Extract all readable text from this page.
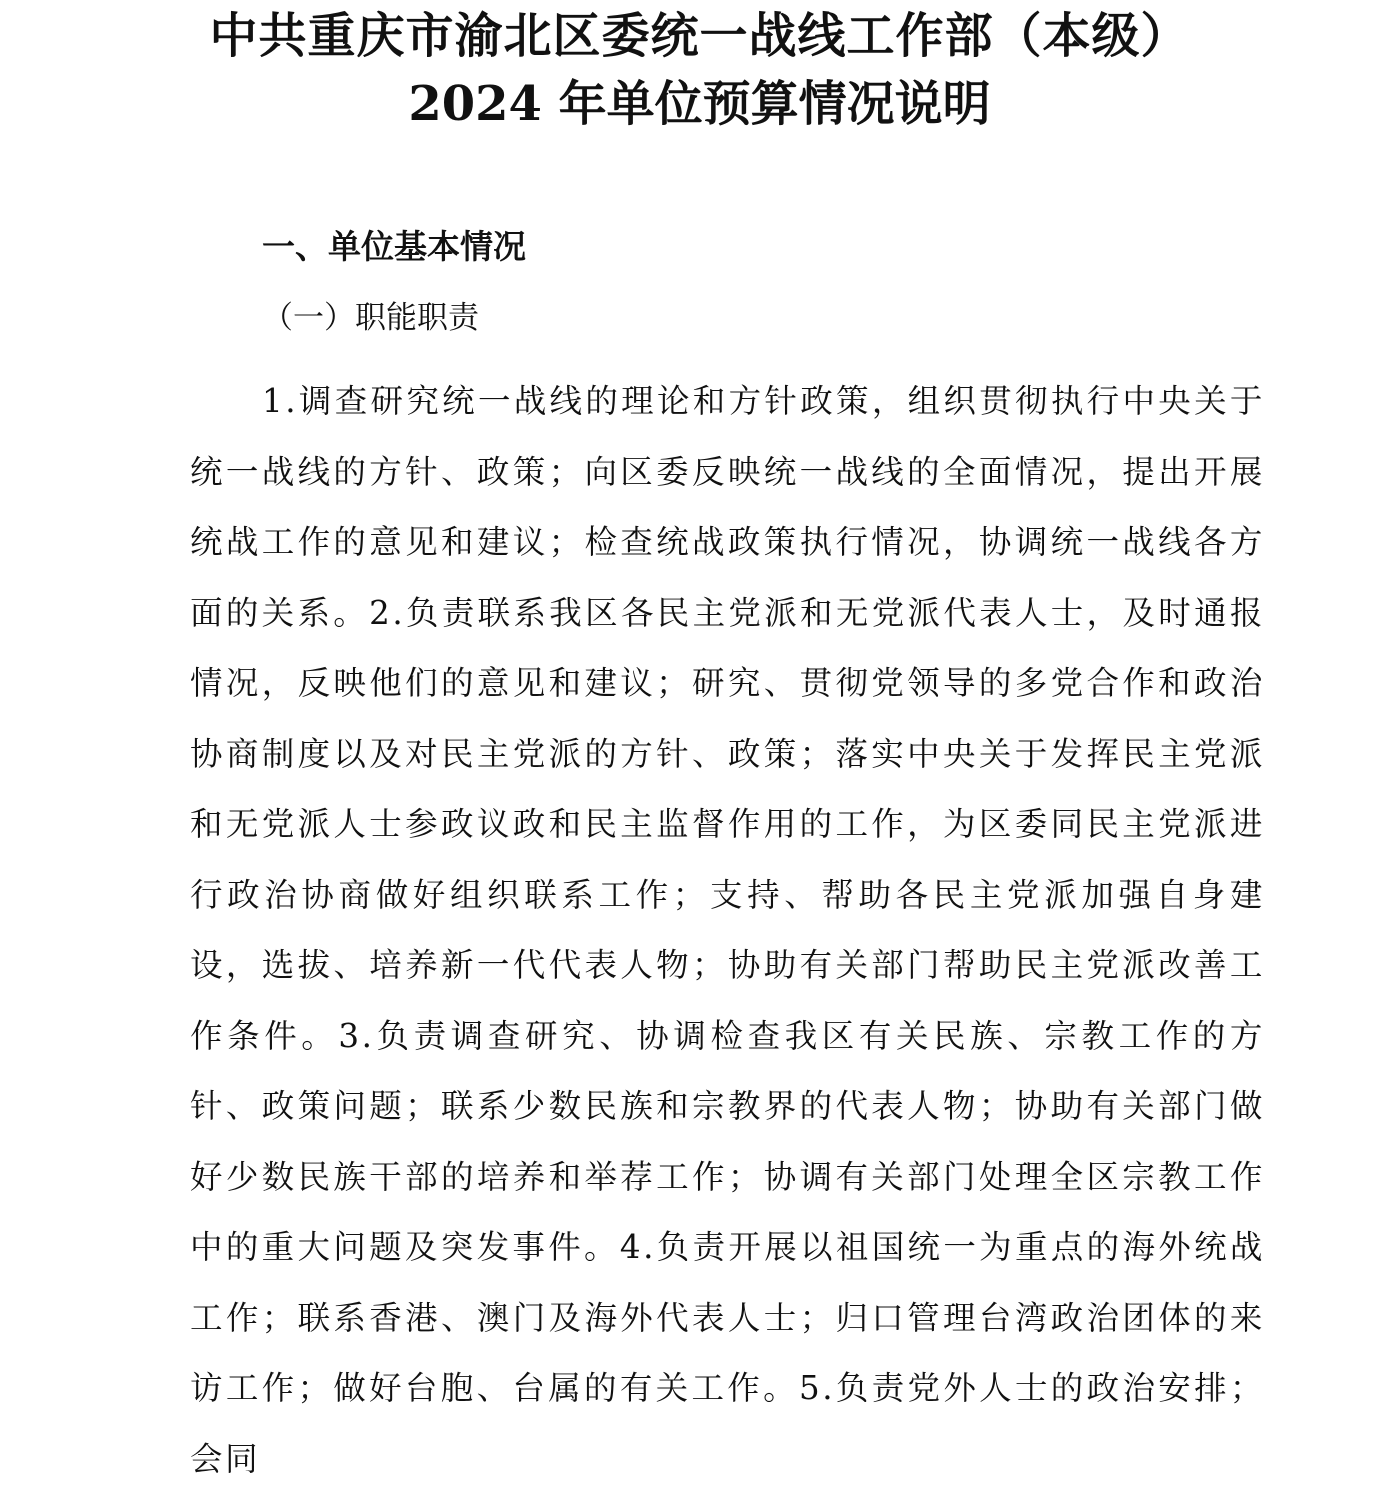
中共重庆市渝北区委统一战线工作部（本级）
2024 年单位预算情况说明
一、单位基本情况
（一）职能职责

1.调查研究统一战线的理论和方针政策，组织贯彻执行中央关于统一战线的方针、政策；向区委反映统一战线的全面情况，提出开展统战工作的意见和建议；检查统战政策执行情况，协调统一战线各方面的关系。2.负责联系我区各民主党派和无党派代表人士，及时通报情况，反映他们的意见和建议；研究、贯彻党领导的多党合作和政治协商制度以及对民主党派的方针、政策；落实中央关于发挥民主党派和无党派人士参政议政和民主监督作用的工作，为区委同民主党派进行政治协商做好组织联系工作；支持、帮助各民主党派加强自身建设，选拔、培养新一代代表人物；协助有关部门帮助民主党派改善工作条件。3.负责调查研究、协调检查我区有关民族、宗教工作的方针、政策问题；联系少数民族和宗教界的代表人物；协助有关部门做好少数民族干部的培养和举荐工作；协调有关部门处理全区宗教工作中的重大问题及突发事件。4.负责开展以祖国统一为重点的海外统战工作；联系香港、澳门及海外代表人士；归口管理台湾政治团体的来访工作；做好台胞、台属的有关工作。5.负责党外人士的政治安排；会同
